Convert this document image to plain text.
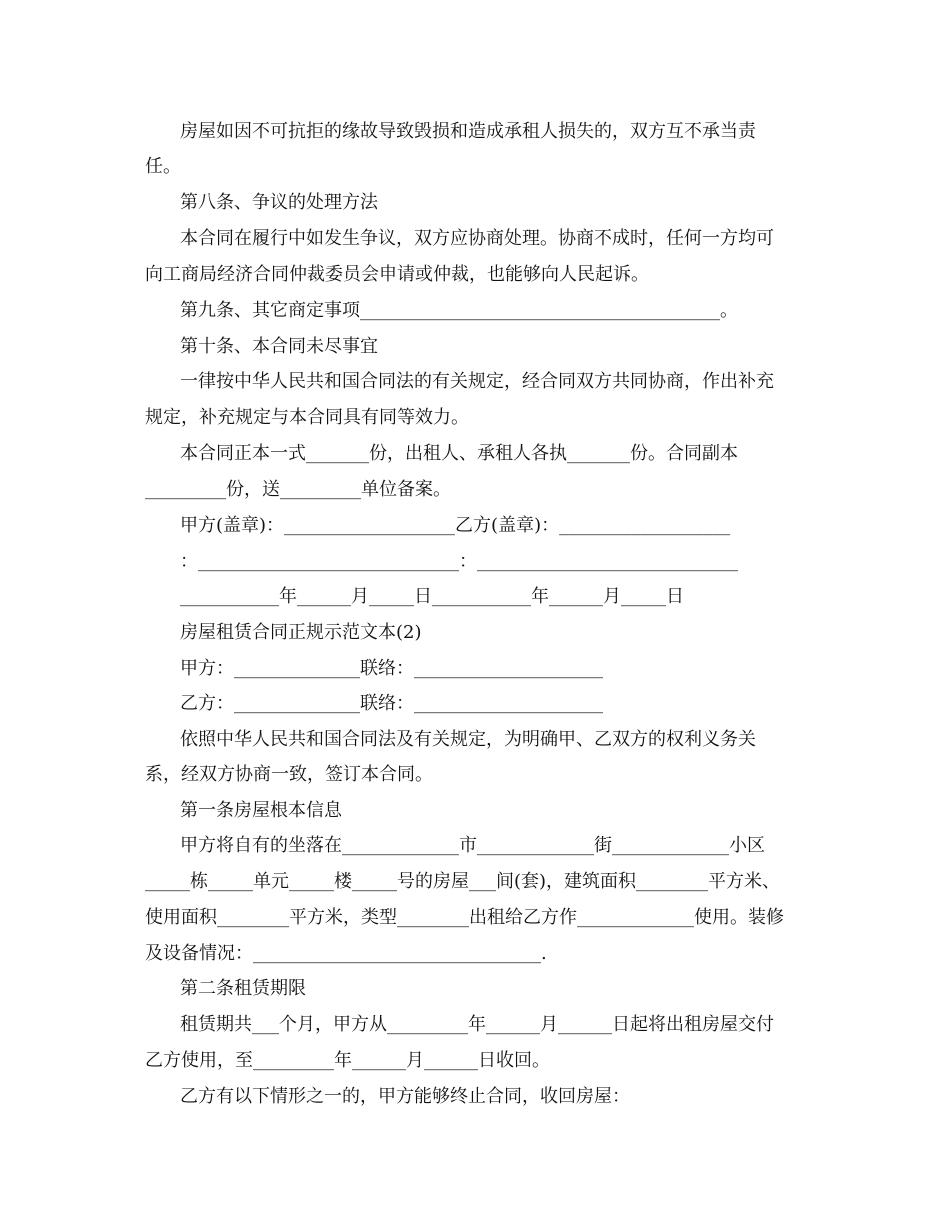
房屋如因不可抗拒的缘故导致毁损和造成承租人损失的，双方互不承当责

任。

第八条、争议的处理方法

本合同在履行中如发生争议，双方应协商处理。协商不成时，任何一方均可

向工商局经济合同仲裁委员会申请或仲裁，也能够向人民起诉。

第九条、其它商定事项________________________________________。

第十条、本合同未尽事宜

一律按中华人民共和国合同法的有关规定，经合同双方共同协商，作出补充

规定，补充规定与本合同具有同等效力。

本合同正本一式_______份，出租人、承租人各执_______份。合同副本

_________份，送_________单位备案。

甲方(盖章)：___________________乙方(盖章)：___________________

：_____________________________：_____________________________

___________年______月_____日___________年______月_____日

房屋租赁合同正规示范文本(2)

甲方：______________联络：_____________________

乙方：______________联络：_____________________

依照中华人民共和国合同法及有关规定，为明确甲、乙双方的权利义务关

系，经双方协商一致，签订本合同。

第一条房屋根本信息

甲方将自有的坐落在_____________市_____________街_____________小区

_____栋_____单元_____楼_____号的房屋___间(套)，建筑面积________平方米、

使用面积________平方米，类型________出租给乙方作_____________使用。装修

及设备情况：________________________________.

第二条租赁期限

租赁期共___个月，甲方从_________年______月______日起将出租房屋交付

乙方使用，至_________年______月______日收回。

乙方有以下情形之一的，甲方能够终止合同，收回房屋：
